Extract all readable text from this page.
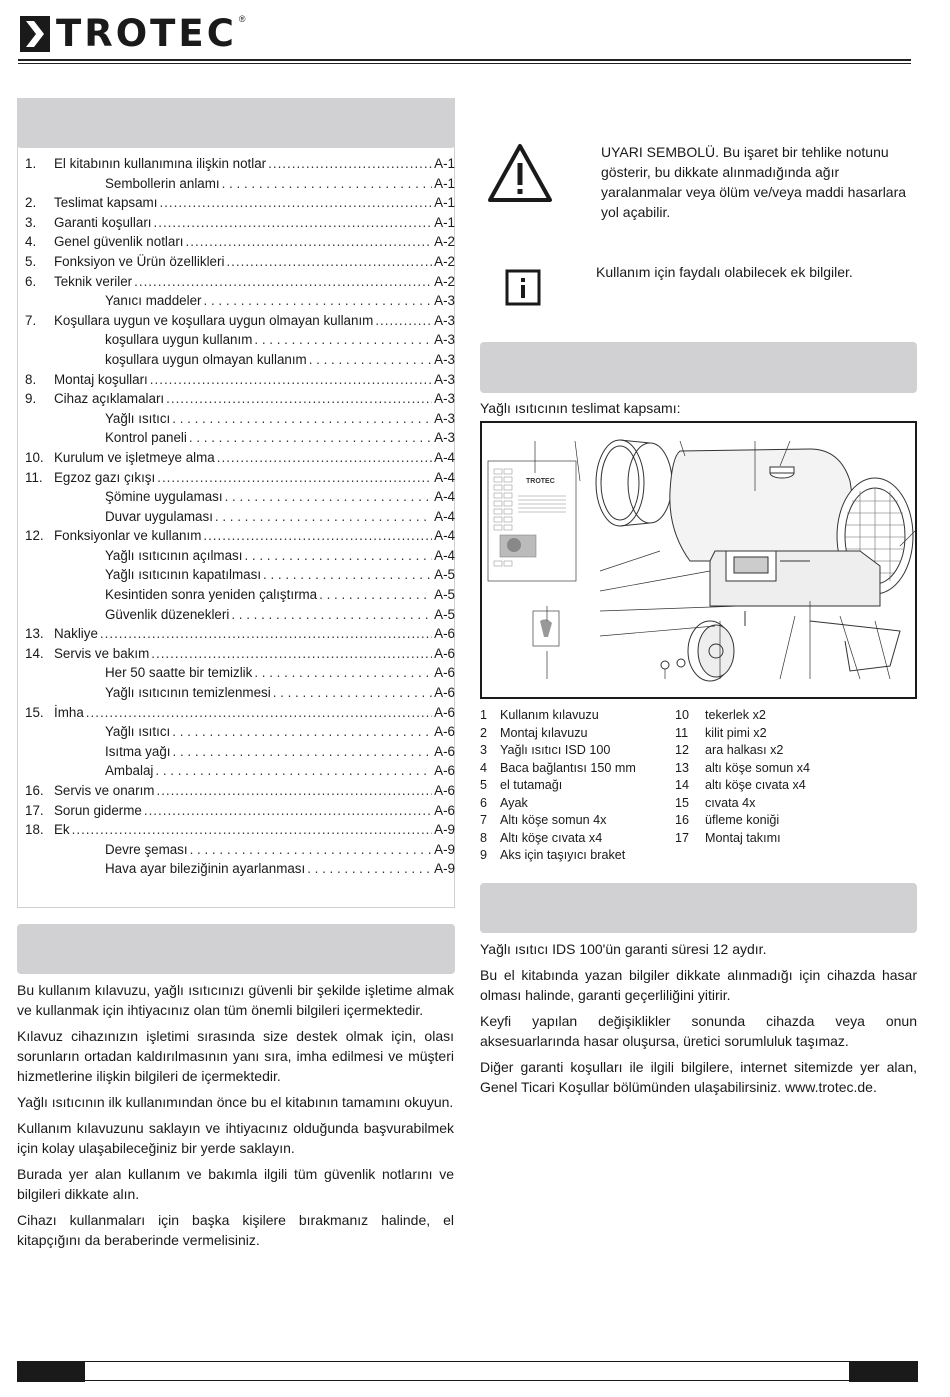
TROTEC ®
1.	El kitabının kullanımına ilişkin notlar .....	A-1
Sembollerin anlamı . .	A-1
2.	Teslimat kapsamı .....	A-1
3.	Garanti koşulları .....	A-1
4.	Genel güvenlik notları .....	A-2
5.	Fonksiyon ve Ürün özellikleri .....	A-2
6.	Teknik veriler .....	A-2
Yanıcı maddeler . .	A-3
7.	Koşullara uygun ve koşullara uygun olmayan kullanım .....	A-3
koşullara uygun kullanım . .	A-3
koşullara uygun olmayan kullanım . .	A-3
8.	Montaj koşulları .....	A-3
9.	Cihaz açıklamaları .....	A-3
Yağlı ısıtıcı . .	A-3
Kontrol paneli . .	A-3
10. Kurulum ve işletmeye alma .....	A-4
11. Egzoz gazı çıkışı .....	A-4
Şömine uygulaması . .	A-4
Duvar uygulaması . .	A-4
12. Fonksiyonlar ve kullanım .....	A-4
Yağlı ısıtıcının açılması . .	A-4
Yağlı ısıtıcının kapatılması . .	A-5
Kesintiden sonra yeniden çalıştırma . .	A-5
Güvenlik düzenekleri . .	A-5
13. Nakliye .....	A-6
14. Servis ve bakım .....	A-6
Her 50 saatte bir temizlik . .	A-6
Yağlı ısıtıcının temizlenmesi . .	A-6
15. İmha .....	A-6
Yağlı ısıtıcı . .	A-6
Isıtma yağı . .	A-6
Ambalaj . .	A-6
16. Servis ve onarım .....	A-6
17. Sorun giderme .....	A-6
18. Ek .....	A-9
Devre şeması . .	A-9
Hava ayar bileziğinin ayarlanması . .	A-9

Bu kullanım kılavuzu, yağlı ısıtıcınızı güvenli bir şekilde işletime almak ve kullanmak için ihtiyacınız olan tüm önemli bilgileri içermektedir.

Kılavuz cihazınızın işletimi sırasında size destek olmak için, olası sorunların ortadan kaldırılmasının yanı sıra, imha edilmesi ve müşteri hizmetlerine ilişkin bilgileri de içermektedir.

Yağlı ısıtıcının ilk kullanımından önce bu el kitabının tamamını okuyun.

Kullanım kılavuzunu saklayın ve ihtiyacınız olduğunda başvurabilmek için kolay ulaşabileceğiniz bir yerde saklayın.

Burada yer alan kullanım ve bakımla ilgili tüm güvenlik notlarını ve bilgileri dikkate alın.

Cihazı kullanmaları için başka kişilere bırakmanız halinde, el kitapçığını da beraberinde vermelisiniz.

UYARI SEMBOLÜ. Bu işaret bir tehlike notunu gösterir, bu dikkate alınmadığında ağır yaralanmalar veya ölüm ve/veya maddi hasarlara yol açabilir.
Kullanım için faydalı olabilecek ek bilgiler.
Yağlı ısıtıcının teslimat kapsamı:
TROTEC
1	Kullanım kılavuzu
2	Montaj kılavuzu
3	Yağlı ısıtıcı ISD 100
4	Baca bağlantısı 150 mm
5	el tutamağı
6	Ayak
7	Altı köşe somun 4x
8	Altı köşe cıvata x4
9	Aks için taşıyıcı braket
10	tekerlek x2
11	kilit pimi x2
12	ara halkası x2
13	altı köşe somun x4
14	altı köşe cıvata x4
15	cıvata 4x
16	üfleme koniği
17	Montaj takımı

Yağlı ısıtıcı IDS 100'ün garanti süresi 12 aydır.

Bu el kitabında yazan bilgiler dikkate alınmadığı için cihazda hasar olması halinde, garanti geçerliliğini yitirir.

Keyfi yapılan değişiklikler sonunda cihazda veya onun aksesuarlarında hasar oluşursa, üretici sorumluluk taşımaz.

Diğer garanti koşulları ile ilgili bilgilere, internet sitemizde yer alan, Genel Ticari Koşullar bölümünden ulaşabilirsiniz. www.trotec.de.
